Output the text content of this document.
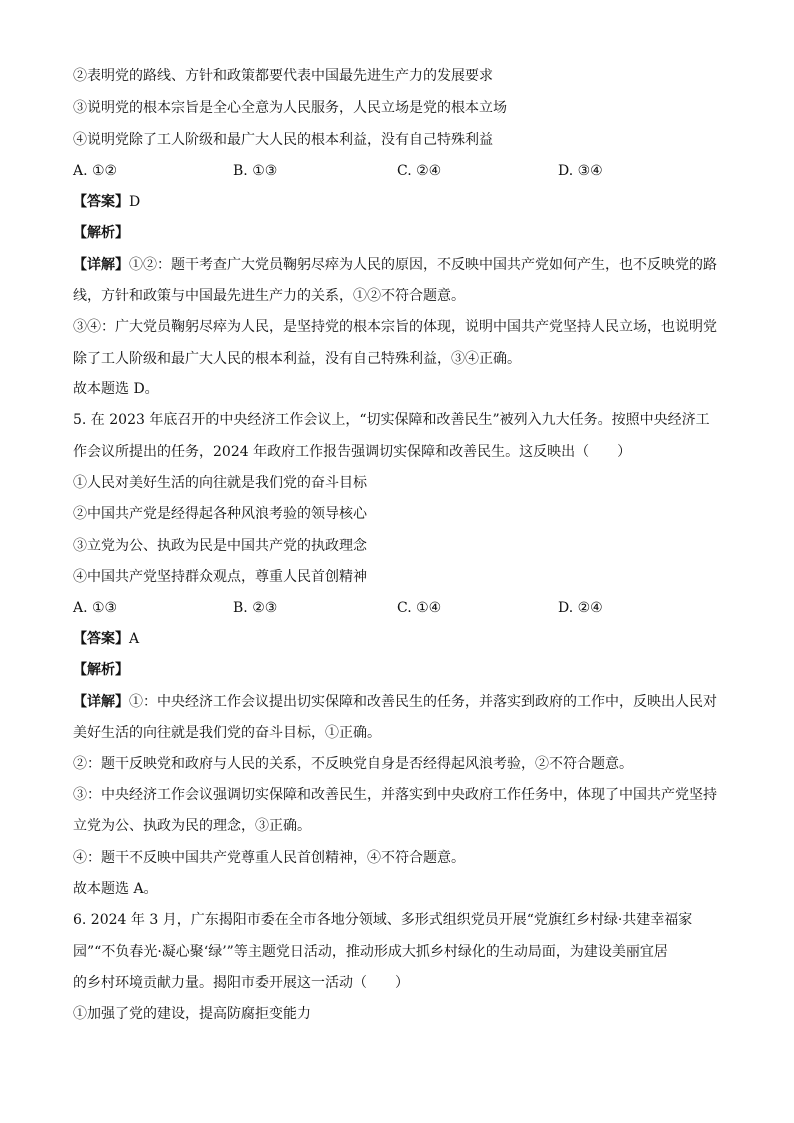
②表明党的路线、方针和政策都要代表中国最先进生产力的发展要求
③说明党的根本宗旨是全心全意为人民服务，人民立场是党的根本立场
④说明党除了工人阶级和最广大人民的根本利益，没有自己特殊利益
A. ①②	B. ①③	C. ②④	D. ③④
【答案】D
【解析】
【详解】①②：题干考查广大党员鞠躬尽瘁为人民的原因，不反映中国共产党如何产生，也不反映党的路
线，方针和政策与中国最先进生产力的关系，①②不符合题意。
③④：广大党员鞠躬尽瘁为人民，是坚持党的根本宗旨的体现，说明中国共产党坚持人民立场，也说明党
除了工人阶级和最广大人民的根本利益，没有自己特殊利益，③④正确。
故本题选 D。
5. 在 2023 年底召开的中央经济工作会议上，“切实保障和改善民生”被列入九大任务。按照中央经济工
作会议所提出的任务，2024 年政府工作报告强调切实保障和改善民生。这反映出（　　）
①人民对美好生活的向往就是我们党的奋斗目标
②中国共产党是经得起各种风浪考验的领导核心
③立党为公、执政为民是中国共产党的执政理念
④中国共产党坚持群众观点，尊重人民首创精神
A. ①③	B. ②③	C. ①④	D. ②④
【答案】A
【解析】
【详解】①：中央经济工作会议提出切实保障和改善民生的任务，并落实到政府的工作中，反映出人民对
美好生活的向往就是我们党的奋斗目标，①正确。
②：题干反映党和政府与人民的关系，不反映党自身是否经得起风浪考验，②不符合题意。
③：中央经济工作会议强调切实保障和改善民生，并落实到中央政府工作任务中，体现了中国共产党坚持
立党为公、执政为民的理念，③正确。
④：题干不反映中国共产党尊重人民首创精神，④不符合题意。
故本题选 A。
6. 2024 年 3 月，广东揭阳市委在全市各地分领域、多形式组织党员开展“党旗红乡村绿·共建幸福家
园”“不负春光·凝心聚‘绿’”等主题党日活动，推动形成大抓乡村绿化的生动局面，为建设美丽宜居
的乡村环境贡献力量。揭阳市委开展这一活动（　　）
①加强了党的建设，提高防腐拒变能力
